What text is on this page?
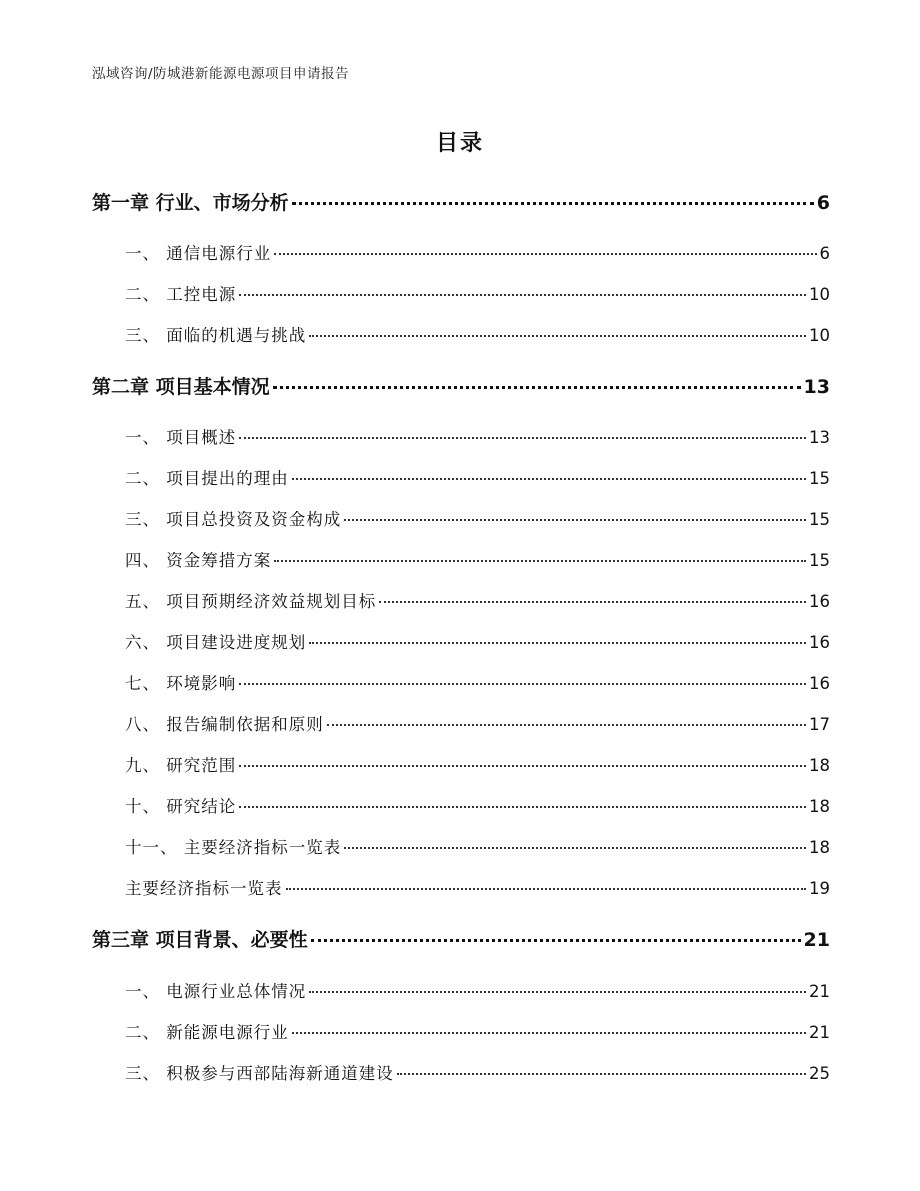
泓域咨询/防城港新能源电源项目申请报告
目录
第一章 行业、市场分析	6
一、 通信电源行业	6
二、 工控电源	10
三、 面临的机遇与挑战	10
第二章 项目基本情况	13
一、 项目概述	13
二、 项目提出的理由	15
三、 项目总投资及资金构成	15
四、 资金筹措方案	15
五、 项目预期经济效益规划目标	16
六、 项目建设进度规划	16
七、 环境影响	16
八、 报告编制依据和原则	17
九、 研究范围	18
十、 研究结论	18
十一、 主要经济指标一览表	18
主要经济指标一览表	19
第三章 项目背景、必要性	21
一、 电源行业总体情况	21
二、 新能源电源行业	21
三、 积极参与西部陆海新通道建设	25
